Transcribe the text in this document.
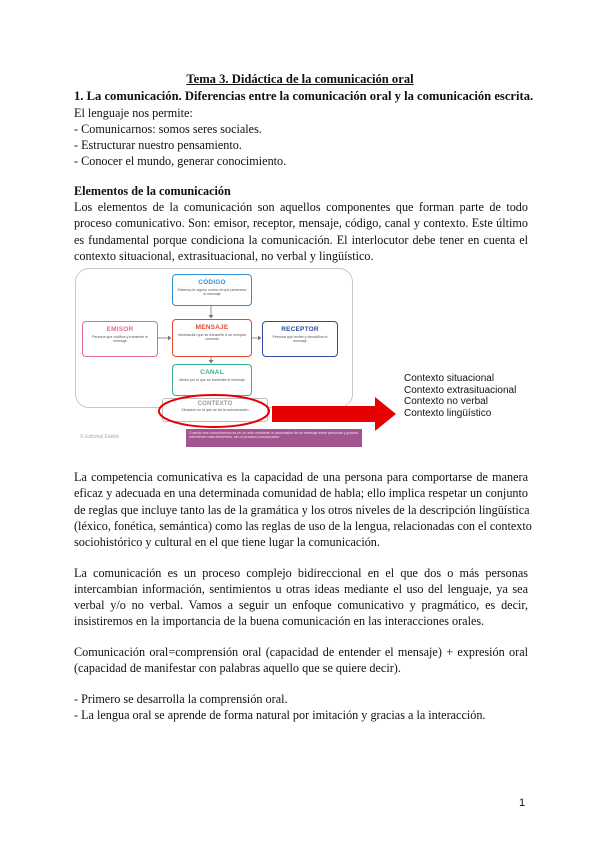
Tema 3. Didáctica de la comunicación oral
1. La comunicación. Diferencias entre la comunicación oral y la comunicación escrita.
El lenguaje nos permite:
- Comunicarnos: somos seres sociales.
- Estructurar nuestro pensamiento.
- Conocer el mundo, generar conocimiento.
Elementos de la comunicación
Los elementos de la comunicación son aquellos componentes que forman parte de todo
proceso comunicativo. Son: emisor, receptor, mensaje, código, canal y contexto. Este último
es fundamental porque condiciona la comunicación. El interlocutor debe tener en cuenta el
contexto situacional, extrasituacional, no verbal y lingüístico.
CÓDIGO
Sistema de signos común al que pertenece el mensaje
EMISOR
Persona que codifica y transmite el mensaje
MENSAJE
Información que se transmite a un receptor concreto
RECEPTOR
Persona que recibe y decodifica el mensaje
CANAL
Medio por el que se transmite el mensaje
CONTEXTO
Situación en la que se da la comunicación
© Editorial Edebé
Cuando nos comunicamos es en un acto mediante la transmisión de un mensaje entre personas y gracias intervienen más elementos, sin un proceso comunicativo.
Contexto situacional
Contexto extrasituacional
Contexto no verbal
Contexto lingüístico
La competencia comunicativa es la capacidad de una persona para comportarse de manera
eficaz y adecuada en una determinada comunidad de habla; ello implica respetar un conjunto
de reglas que incluye tanto las de la gramática y los otros niveles de la descripción lingüística
(léxico, fonética, semántica) como las reglas de uso de la lengua, relacionadas con el contexto
sociohistórico y cultural en el que tiene lugar la comunicación.
La comunicación es un proceso complejo bidireccional en el que dos o más personas
intercambian información, sentimientos u otras ideas mediante el uso del lenguaje, ya sea
verbal y/o no verbal. Vamos a seguir un enfoque comunicativo y pragmático, es decir,
insistiremos en la importancia de la buena comunicación en las interacciones orales.
Comunicación oral=comprensión oral (capacidad de entender el mensaje) + expresión oral
(capacidad de manifestar con palabras aquello que se quiere decir).
- Primero se desarrolla la comprensión oral.
- La lengua oral se aprende de forma natural por imitación y gracias a la interacción.
1
